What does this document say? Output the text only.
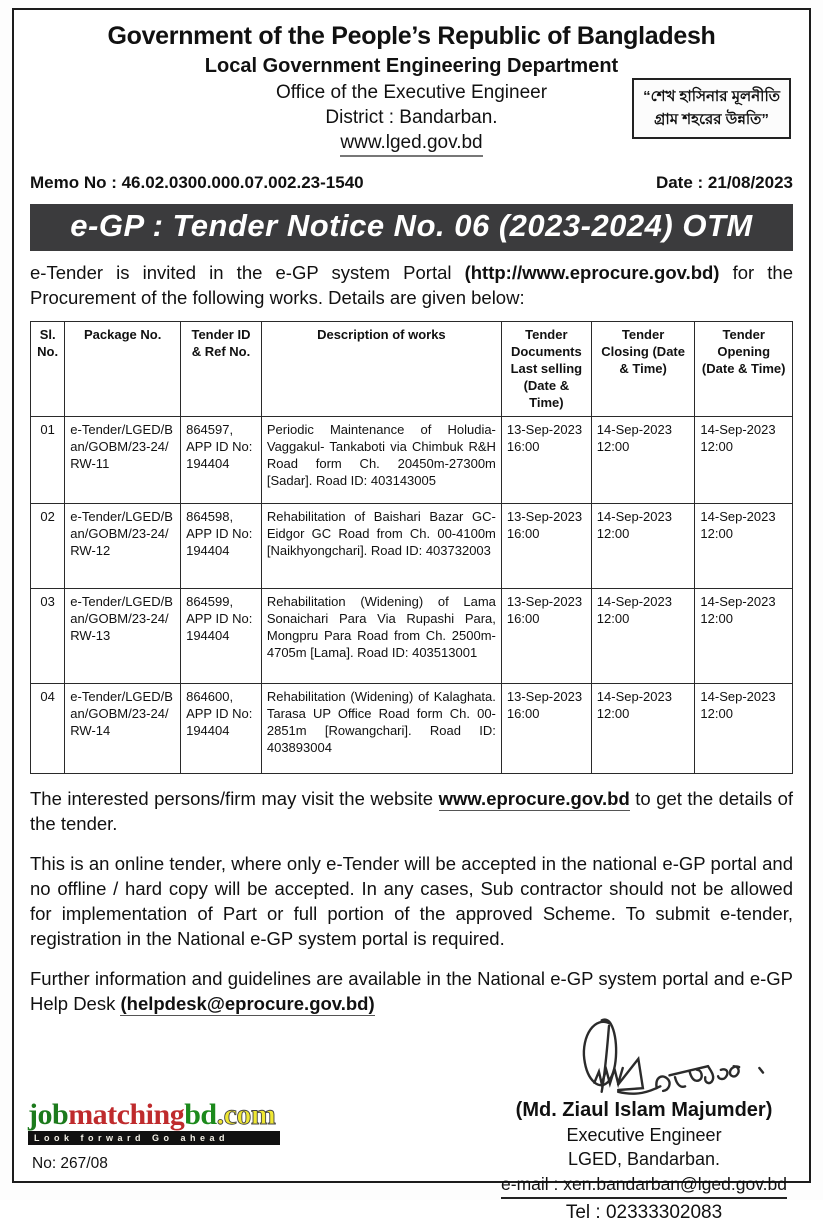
Government of the People’s Republic of Bangladesh
Local Government Engineering Department
Office of the Executive Engineer
District : Bandarban.
www.lged.gov.bd
“শেখ হাসিনার মূলনীতি
গ্রাম শহরের উন্নতি”
Memo No : 46.02.0300.000.07.002.23-1540	Date : 21/08/2023
e-GP : Tender Notice No. 06 (2023-2024) OTM

e-Tender is invited in the e-GP system Portal (http://www.eprocure.gov.bd) for the Procurement of the following works. Details are given below:

Sl. No.	Package No.	Tender ID & Ref No.	Description of works	Tender Documents Last selling (Date & Time)	Tender Closing (Date & Time)	Tender Opening (Date & Time)
01	e-Tender/LGED/Ban/GOBM/23-24/RW-11	864597, APP ID No: 194404	Periodic Maintenance of Holudia- Vaggakul- Tankaboti via Chimbuk R&H Road form Ch. 20450m-27300m [Sadar]. Road ID: 403143005	13-Sep-2023 16:00	14-Sep-2023 12:00	14-Sep-2023 12:00
02	e-Tender/LGED/Ban/GOBM/23-24/RW-12	864598, APP ID No: 194404	Rehabilitation of Baishari Bazar GC-Eidgor GC Road from Ch. 00-4100m [Naikhyongchari]. Road ID: 403732003	13-Sep-2023 16:00	14-Sep-2023 12:00	14-Sep-2023 12:00
03	e-Tender/LGED/Ban/GOBM/23-24/RW-13	864599, APP ID No: 194404	Rehabilitation (Widening) of Lama Sonaichari Para Via Rupashi Para, Mongpru Para Road from Ch. 2500m-4705m [Lama]. Road ID: 403513001	13-Sep-2023 16:00	14-Sep-2023 12:00	14-Sep-2023 12:00
04	e-Tender/LGED/Ban/GOBM/23-24/RW-14	864600, APP ID No: 194404	Rehabilitation (Widening) of Kalaghata. Tarasa UP Office Road form Ch. 00-2851m [Rowangchari]. Road ID: 403893004	13-Sep-2023 16:00	14-Sep-2023 12:00	14-Sep-2023 12:00

The interested persons/firm may visit the website www.eprocure.gov.bd to get the details of the tender.

This is an online tender, where only e-Tender will be accepted in the national e-GP portal and no offline / hard copy will be accepted. In any cases, Sub contractor should not be allowed for implementation of Part or full portion of the approved Scheme. To submit e-tender, registration in the National e-GP system portal is required.

Further information and guidelines are available in the National e-GP system portal and e-GP Help Desk (helpdesk@eprocure.gov.bd)

(Md. Ziaul Islam Majumder)
Executive Engineer
LGED, Bandarban.
e-mail : xen.bandarban@lged.gov.bd
Tel : 02333302083
jobmatchingbd.com
Look forward Go ahead
No: 267/08
